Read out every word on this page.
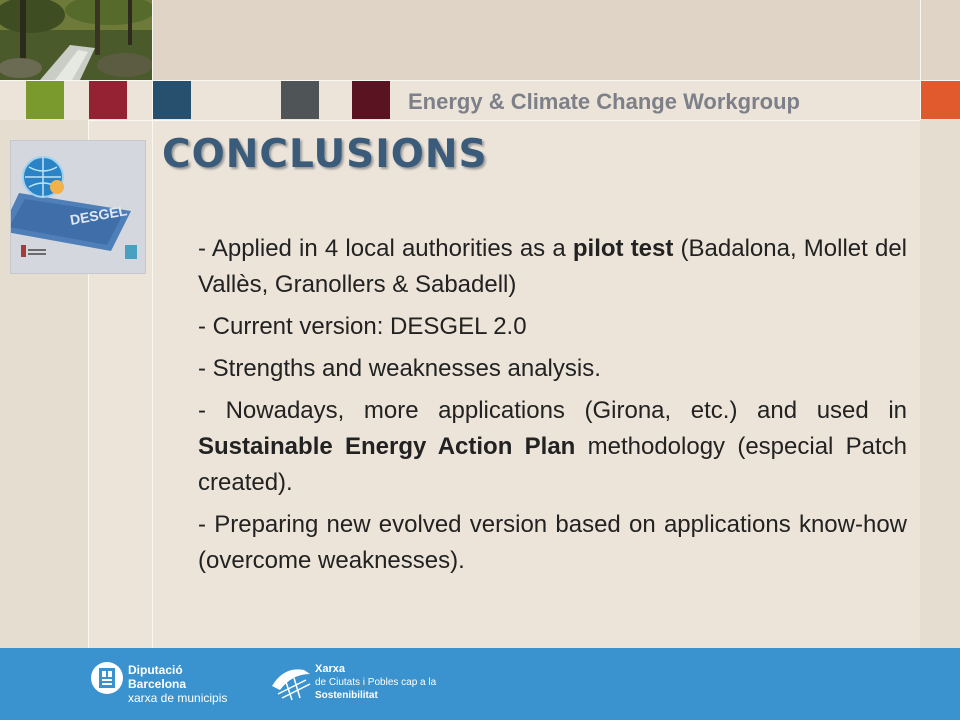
Energy & Climate Change Workgroup
DESGEL
CONCLUSIONS

- Applied in 4 local authorities as a pilot test (Badalona, Mollet del Vallès, Granollers & Sabadell)

- Current version: DESGEL 2.0

- Strengths and weaknesses analysis.

- Nowadays, more applications (Girona, etc.) and used in Sustainable Energy Action Plan methodology (especial Patch created).

- Preparing new evolved version based on applications know-how (overcome weaknesses).

Diputació
Barcelona
xarxa de municipis
Xarxa
de Ciutats i Pobles cap a la
Sostenibilitat
